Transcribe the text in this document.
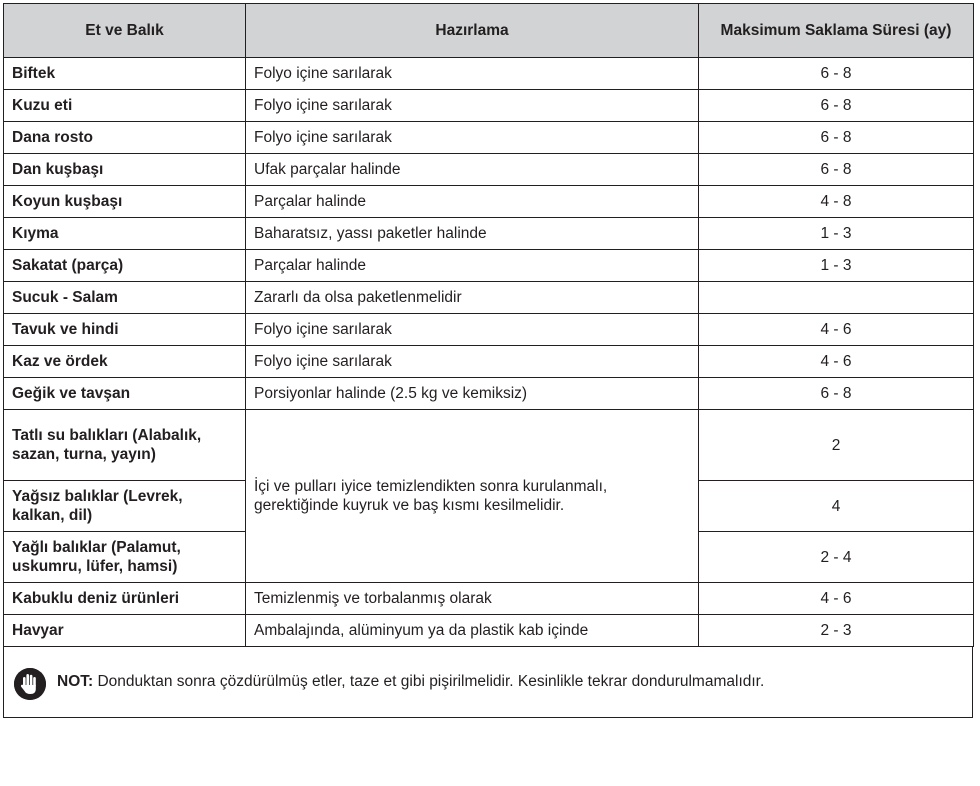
Et ve Balık	Hazırlama	Maksimum Saklama Süresi (ay)
Biftek	Folyo içine sarılarak	6 - 8
Kuzu eti	Folyo içine sarılarak	6 - 8
Dana rosto	Folyo içine sarılarak	6 - 8
Dan kuşbaşı	Ufak parçalar halinde	6 - 8
Koyun kuşbaşı	Parçalar halinde	4 - 8
Kıyma	Baharatsız, yassı paketler halinde	1 - 3
Sakatat (parça)	Parçalar halinde	1 - 3
Sucuk - Salam	Zararlı da olsa paketlenmelidir	
Tavuk ve hindi	Folyo içine sarılarak	4 - 6
Kaz ve ördek	Folyo içine sarılarak	4 - 6
Geğik ve tavşan	Porsiyonlar halinde (2.5 kg ve kemiksiz)	6 - 8
Tatlı su balıkları (Alabalık, sazan, turna, yayın)	İçi ve pulları iyice temizlendikten sonra kurulanmalı, gerektiğinde kuyruk ve baş kısmı kesilmelidir.	2
Yağsız balıklar (Levrek, kalkan, dil)		4
Yağlı balıklar (Palamut, uskumru, lüfer, hamsi)		2 - 4
Kabuklu deniz ürünleri	Temizlenmiş ve torbalanmış olarak	4 - 6
Havyar	Ambalajında, alüminyum ya da plastik kab içinde	2 - 3
NOT: Donduktan sonra çözdürülmüş etler, taze et gibi pişirilmelidir. Kesinlikle tekrar dondurulmamalıdır.
